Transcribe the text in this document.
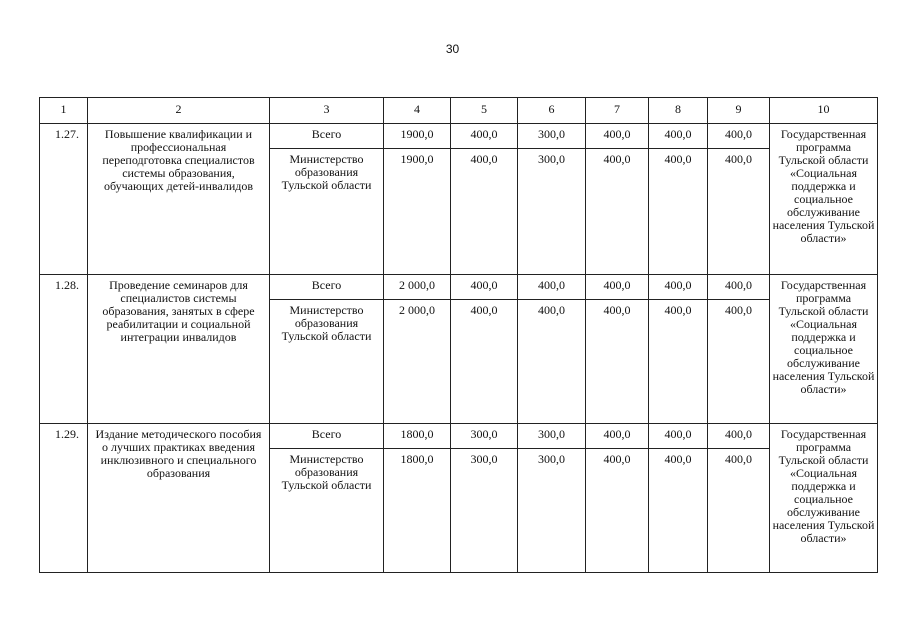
30
1	2	3	4	5	6	7	8	9	10
1.27.	Повышение квалификации и профессиональная переподготовка специалистов системы образования, обучающих детей-инвалидов	Всего	1900,0	400,0	300,0	400,0	400,0	400,0	Государственная программа Тульской области «Социальная поддержка и социальное обслуживание населения Тульской области»
		Министерство образования Тульской области	1900,0	400,0	300,0	400,0	400,0	400,0	
1.28.	Проведение семинаров для специалистов системы образования, занятых в сфере реабилитации и социальной интеграции инвалидов	Всего	2 000,0	400,0	400,0	400,0	400,0	400,0	Государственная программа Тульской области «Социальная поддержка и социальное обслуживание населения Тульской области»
		Министерство образования Тульской области	2 000,0	400,0	400,0	400,0	400,0	400,0	
1.29.	Издание методического пособия о лучших практиках введения инклюзивного и специального образования	Всего	1800,0	300,0	300,0	400,0	400,0	400,0	Государственная программа Тульской области «Социальная поддержка и социальное обслуживание населения Тульской области»
		Министерство образования Тульской области	1800,0	300,0	300,0	400,0	400,0	400,0	
